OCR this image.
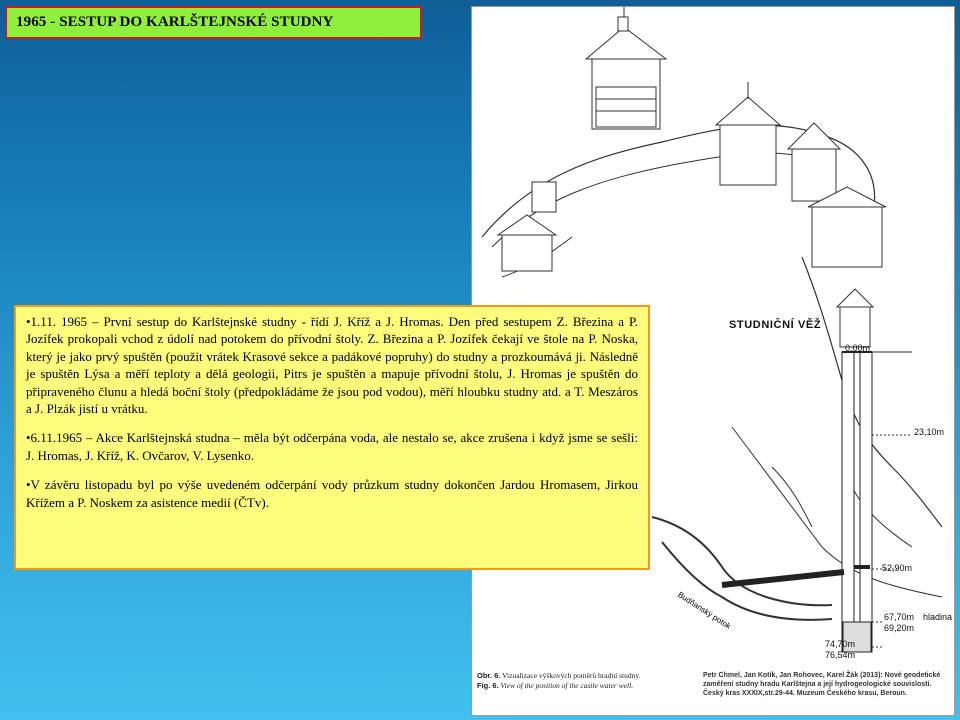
1965 - SESTUP DO KARLŠTEJNSKÉ STUDNY
STUDNIČNÍ VĚŽ
0,00m
23,10m
52,90m
67,70m hladina
69,20m
74,70m
76,54m
Budňanský potok
Obr. 6. Vizualizace výškových poměrů hradní studny.
Fig. 6. View of the position of the castle water well.
Petr Chmel, Jan Kotík, Jan Rohovec, Karel Žák (2013): Nové geodetické zaměření studny hradu Karlštejna a její hydrogeologické souvislosti. Český kras XXXIX,str.29-44. Muzeum Českého krasu, Beroun.

•1.11. 1965 – První sestup do Karlštejnské studny - řídí J. Kříž a J. Hromas. Den před sestupem Z. Březina a P. Jozífek prokopali vchod z údolí nad potokem do přívodní štoly. Z. Březina a P. Jozífek čekají ve štole na P. Noska, který je jako prvý spuštěn (použit vrátek Krasové sekce a padákové popruhy) do studny a prozkoumává ji. Následně je spuštěn Lýsa a měří teploty a dělá geologii, Pitrs je spuštěn a mapuje přívodní štolu, J. Hromas je spuštěn do připraveného člunu a hledá boční štoly (předpokládáme že jsou pod vodou), měří hloubku studny atd. a T. Meszáros a J. Plzák jistí u vrátku.

•6.11.1965 – Akce Karlštejnská studna – měla být odčerpána voda, ale nestalo se, akce zrušena i když jsme se sešli: J. Hromas, J. Kříž, K. Ovčarov, V. Lysenko.

•V závěru listopadu byl po výše uvedeném odčerpání vody průzkum studny dokončen Jardou Hromasem, Jirkou Křížem a P. Noskem za asistence medií (ČTv).
